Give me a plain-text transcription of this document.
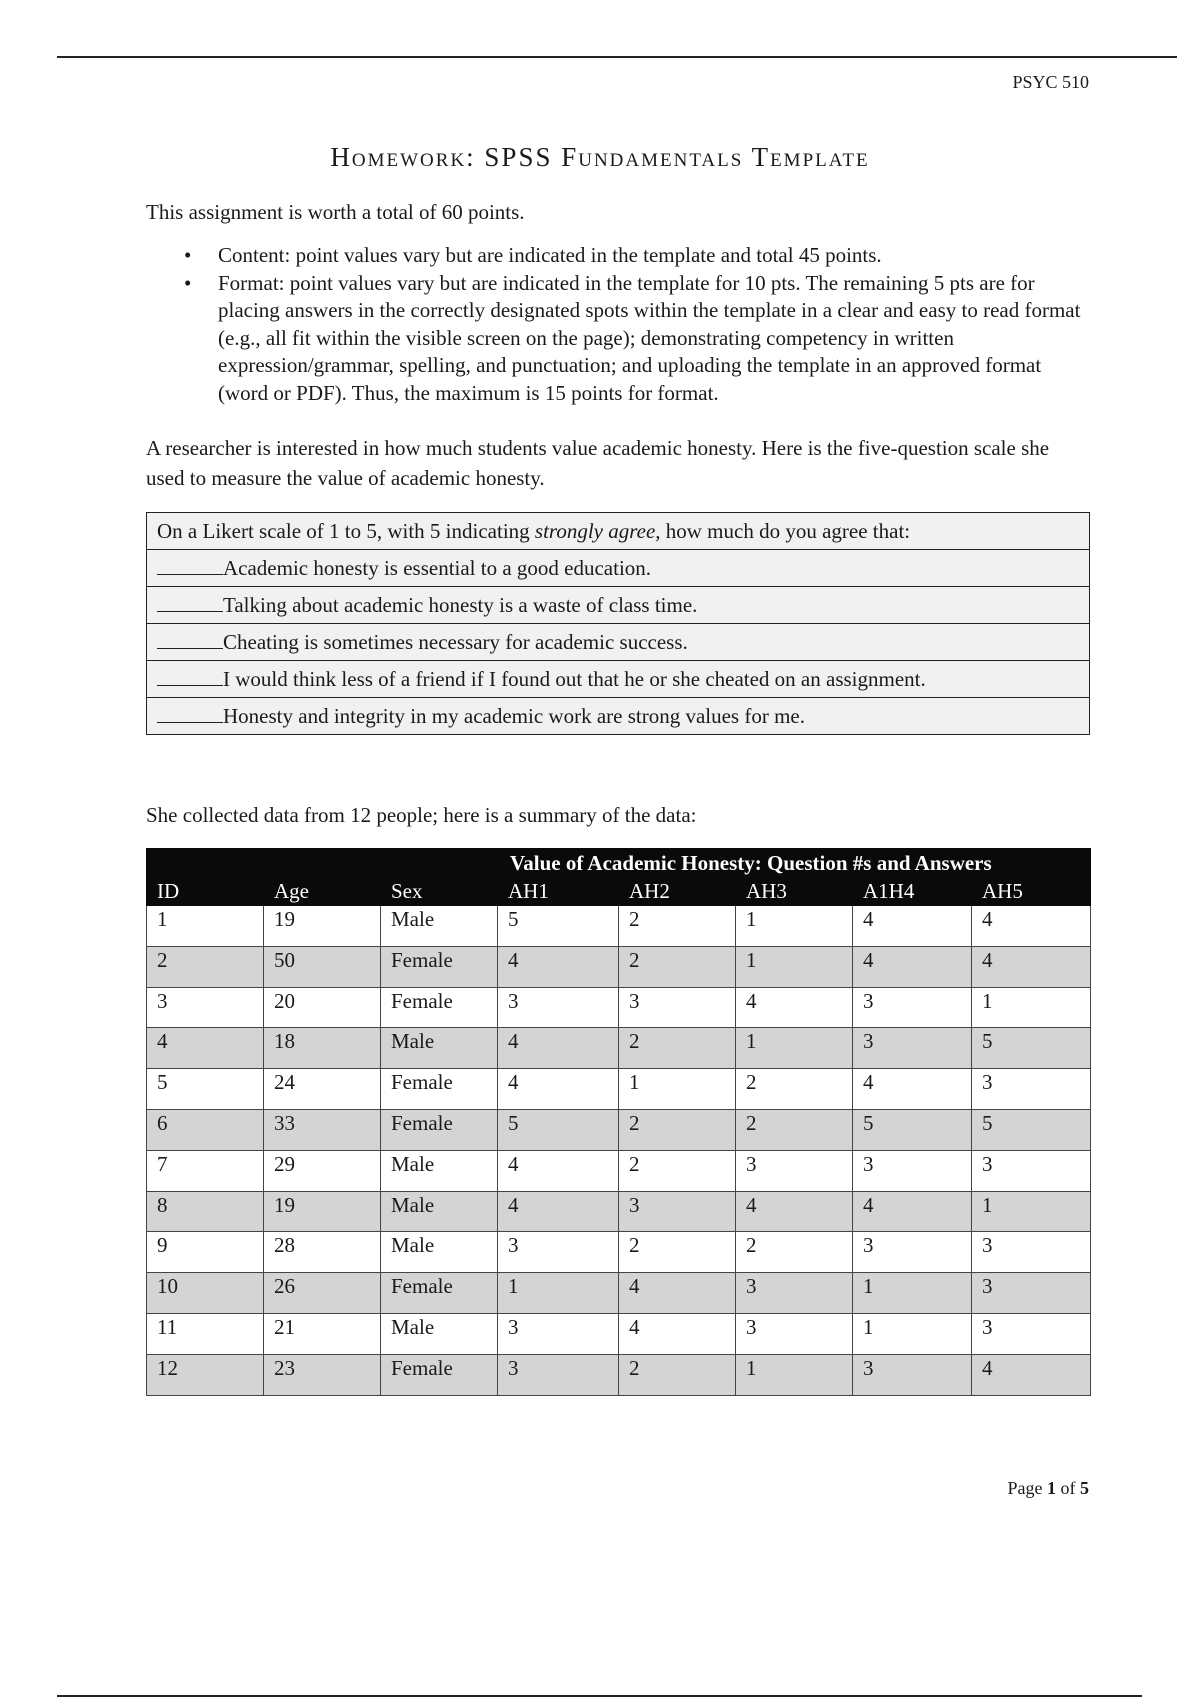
PSYC 510
Homework: SPSS Fundamentals Template

This assignment is worth a total of 60 points.

• Content: point values vary but are indicated in the template and total 45 points.
• Format: point values vary but are indicated in the template for 10 pts. The remaining 5 pts are for placing answers in the correctly designated spots within the template in a clear and easy to read format (e.g., all fit within the visible screen on the page); demonstrating competency in written expression/grammar, spelling, and punctuation; and uploading the template in an approved format (word or PDF). Thus, the maximum is 15 points for format.

A researcher is interested in how much students value academic honesty. Here is the five-question scale she used to measure the value of academic honesty.

On a Likert scale of 1 to 5, with 5 indicating strongly agree, how much do you agree that:
Academic honesty is essential to a good education.
Talking about academic honesty is a waste of class time.
Cheating is sometimes necessary for academic success.
I would think less of a friend if I found out that he or she cheated on an assignment.
Honesty and integrity in my academic work are strong values for me.

She collected data from 12 people; here is a summary of the data:

			Value of Academic Honesty: Question #s and Answers				
ID	Age	Sex	AH1	AH2	AH3	A1H4	AH5
1	19	Male	5	2	1	4	4
2	50	Female	4	2	1	4	4
3	20	Female	3	3	4	3	1
4	18	Male	4	2	1	3	5
5	24	Female	4	1	2	4	3
6	33	Female	5	2	2	5	5
7	29	Male	4	2	3	3	3
8	19	Male	4	3	4	4	1
9	28	Male	3	2	2	3	3
10	26	Female	1	4	3	1	3
11	21	Male	3	4	3	1	3
12	23	Female	3	2	1	3	4
Page 1 of 5
